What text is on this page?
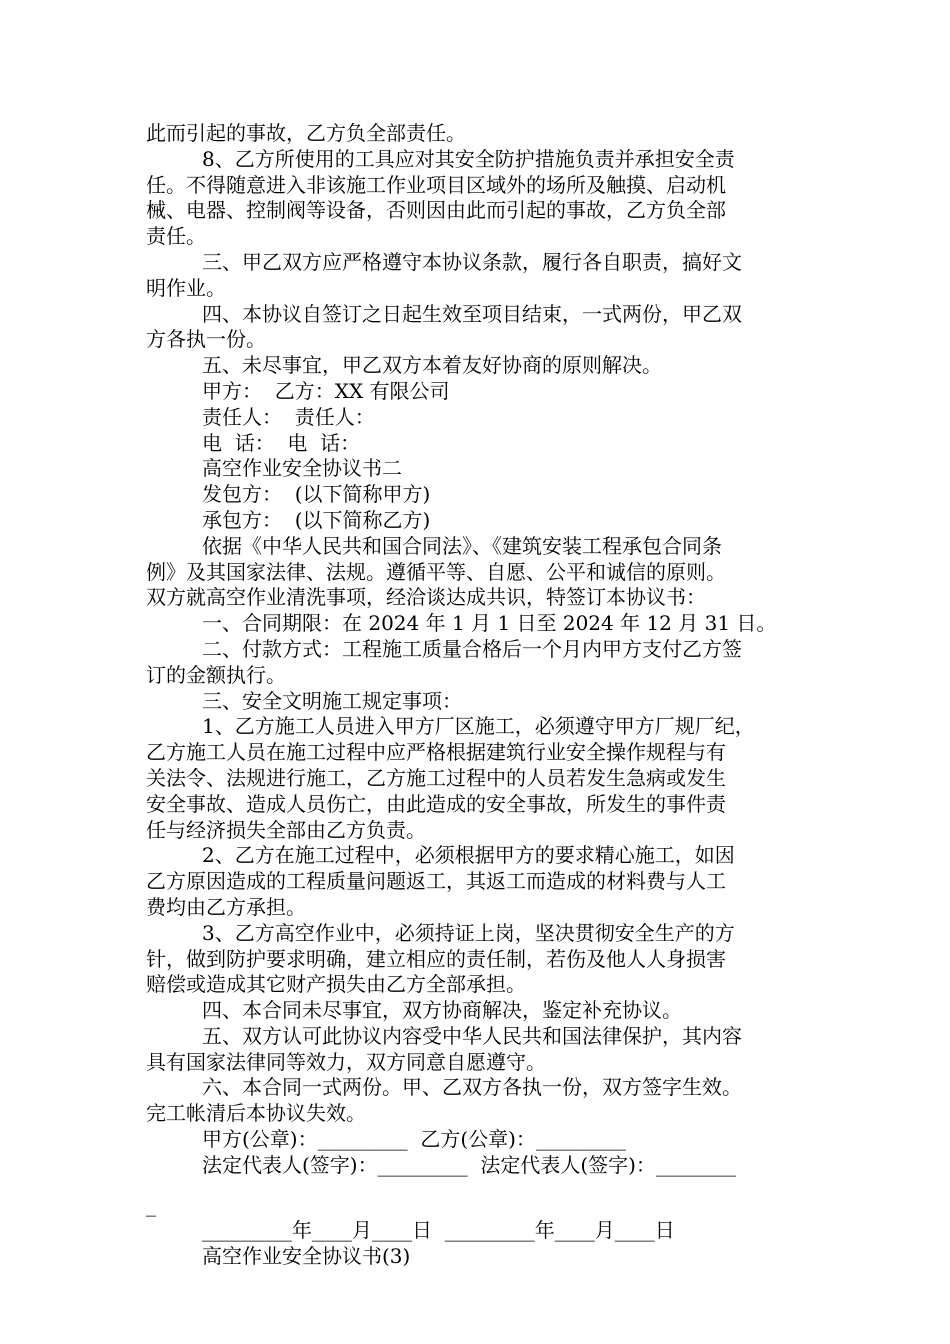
此而引起的事故，乙方负全部责任。
8、乙方所使用的工具应对其安全防护措施负责并承担安全责
任。不得随意进入非该施工作业项目区域外的场所及触摸、启动机
械、电器、控制阀等设备，否则因由此而引起的事故，乙方负全部
责任。
三、甲乙双方应严格遵守本协议条款，履行各自职责，搞好文
明作业。
四、本协议自签订之日起生效至项目结束，一式两份，甲乙双
方各执一份。
五、未尽事宜，甲乙双方本着友好协商的原则解决。
甲方：  乙方：XX 有限公司
责任人：  责任人：
电  话：  电  话：
高空作业安全协议书二
发包方：  (以下简称甲方)
承包方：  (以下简称乙方)
依据《中华人民共和国合同法》、《建筑安装工程承包合同条
例》及其国家法律、法规。遵循平等、自愿、公平和诚信的原则。
双方就高空作业清洗事项，经洽谈达成共识，特签订本协议书：
一、合同期限：在 2024 年 1 月 1 日至 2024 年 12 月 31 日。
二、付款方式：工程施工质量合格后一个月内甲方支付乙方签
订的金额执行。
三、安全文明施工规定事项：
1、乙方施工人员进入甲方厂区施工，必须遵守甲方厂规厂纪，
乙方施工人员在施工过程中应严格根据建筑行业安全操作规程与有
关法令、法规进行施工，乙方施工过程中的人员若发生急病或发生
安全事故、造成人员伤亡，由此造成的安全事故，所发生的事件责
任与经济损失全部由乙方负责。
2、乙方在施工过程中，必须根据甲方的要求精心施工，如因
乙方原因造成的工程质量问题返工，其返工而造成的材料费与人工
费均由乙方承担。
3、乙方高空作业中，必须持证上岗，坚决贯彻安全生产的方
针，做到防护要求明确，建立相应的责任制，若伤及他人人身损害
赔偿或造成其它财产损失由乙方全部承担。
四、本合同未尽事宜，双方协商解决，鉴定补充协议。
五、双方认可此协议内容受中华人民共和国法律保护，其内容
具有国家法律同等效力，双方同意自愿遵守。
六、本合同一式两份。甲、乙双方各执一份，双方签字生效。
完工帐清后本协议失效。
甲方(公章)：_________  乙方(公章)：_________
法定代表人(签字)：_________  法定代表人(签字)：________
_
_________年____月____日  _________年____月____日
高空作业安全协议书(3)
